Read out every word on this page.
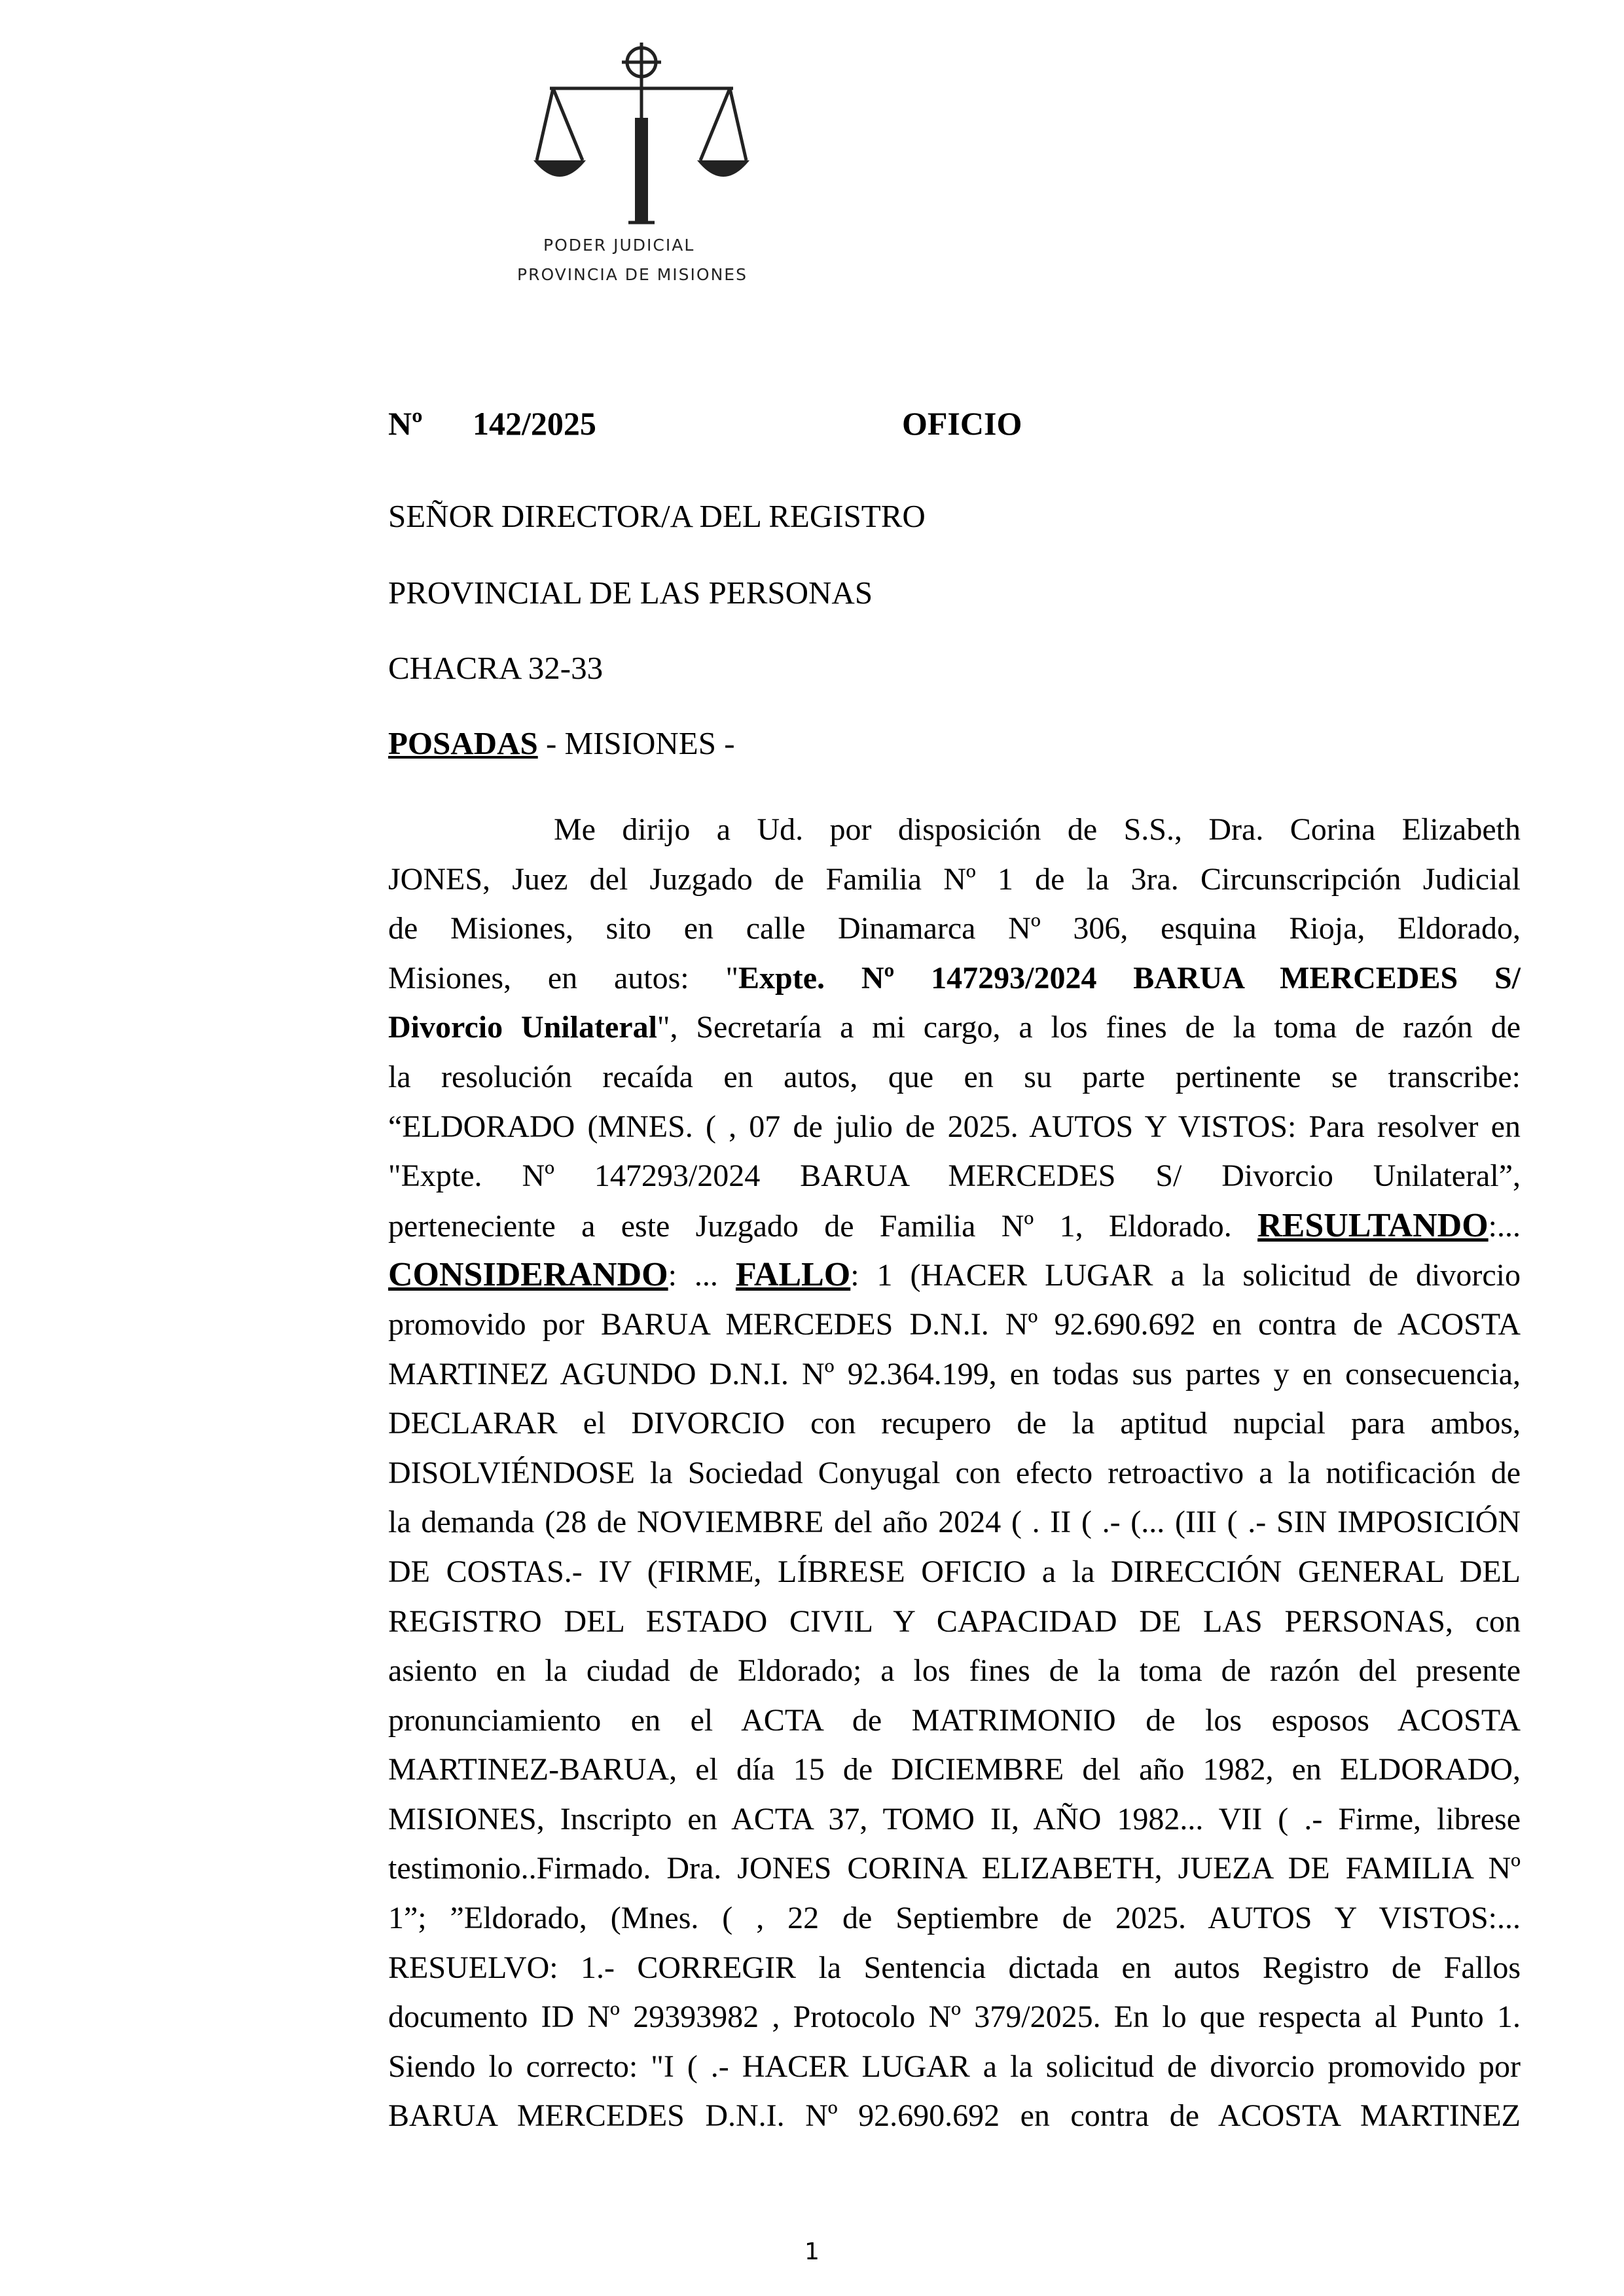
PODER JUDICIAL
PROVINCIA DE MISIONES
Nº 142/2025	OFICIO
SEÑOR DIRECTOR/A DEL REGISTRO
PROVINCIAL DE LAS PERSONAS
CHACRA 32-33
POSADAS - MISIONES -
Me dirijo a Ud. por disposición de S.S., Dra. Corina Elizabeth
JONES, Juez del Juzgado de Familia Nº 1 de la 3ra. Circunscripción Judicial
de Misiones, sito en calle Dinamarca Nº 306, esquina Rioja, Eldorado,
Misiones, en autos: "Expte. Nº 147293/2024 BARUA MERCEDES S/
Divorcio Unilateral", Secretaría a mi cargo, a los fines de la toma de razón de
la resolución recaída en autos, que en su parte pertinente se transcribe:
“ELDORADO (MNES. ( , 07 de julio de 2025. AUTOS Y VISTOS: Para resolver en
"Expte. Nº 147293/2024 BARUA MERCEDES S/ Divorcio Unilateral”,
perteneciente a este Juzgado de Familia Nº 1, Eldorado. RESULTANDO:...
CONSIDERANDO: ... FALLO: 1 (HACER LUGAR a la solicitud de divorcio
promovido por BARUA MERCEDES D.N.I. Nº 92.690.692 en contra de ACOSTA
MARTINEZ AGUNDO D.N.I. Nº 92.364.199, en todas sus partes y en consecuencia,
DECLARAR el DIVORCIO con recupero de la aptitud nupcial para ambos,
DISOLVIÉNDOSE la Sociedad Conyugal con efecto retroactivo a la notificación de
la demanda (28 de NOVIEMBRE del año 2024 ( . II ( .- (... (III ( .- SIN IMPOSICIÓN
DE COSTAS.- IV (FIRME, LÍBRESE OFICIO a la DIRECCIÓN GENERAL DEL
REGISTRO DEL ESTADO CIVIL Y CAPACIDAD DE LAS PERSONAS, con
asiento en la ciudad de Eldorado; a los fines de la toma de razón del presente
pronunciamiento en el ACTA de MATRIMONIO de los esposos ACOSTA
MARTINEZ-BARUA, el día 15 de DICIEMBRE del año 1982, en ELDORADO,
MISIONES, Inscripto en ACTA 37, TOMO II, AÑO 1982... VII ( .- Firme, librese
testimonio..Firmado. Dra. JONES CORINA ELIZABETH, JUEZA DE FAMILIA Nº
1”; ”Eldorado, (Mnes. ( , 22 de Septiembre de 2025. AUTOS Y VISTOS:...
RESUELVO: 1.- CORREGIR la Sentencia dictada en autos Registro de Fallos
documento ID Nº 29393982 , Protocolo Nº 379/2025. En lo que respecta al Punto 1.
Siendo lo correcto: "I ( .- HACER LUGAR a la solicitud de divorcio promovido por
BARUA MERCEDES D.N.I. Nº 92.690.692 en contra de ACOSTA MARTINEZ
1
